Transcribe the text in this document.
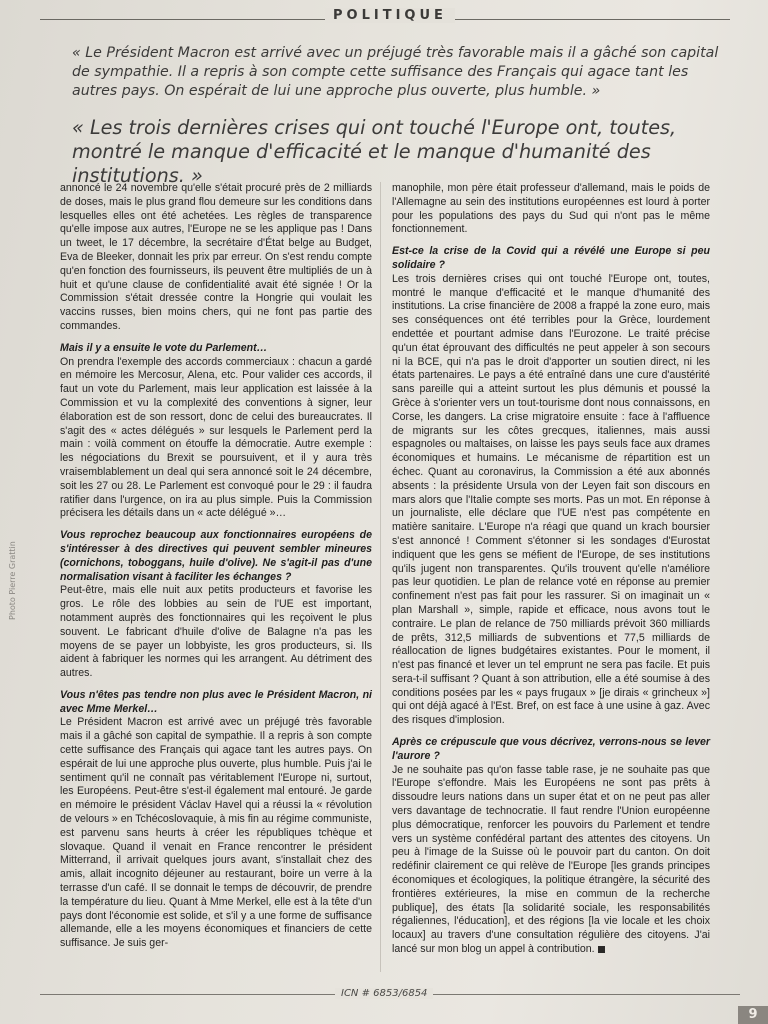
POLITIQUE

« Le Président Macron est arrivé avec un préjugé très favorable mais il a gâché son capital de sympathie. Il a repris à son compte cette suffisance des Français qui agace tant les autres pays. On espérait de lui une approche plus ouverte, plus humble. »

« Les trois dernières crises qui ont touché l'Europe ont, toutes, montré le manque d'efficacité et le manque d'humanité des institutions. »

annoncé le 24 novembre qu'elle s'était procuré près de 2 milliards de doses, mais le plus grand flou demeure sur les conditions dans lesquelles elles ont été achetées. Les règles de transparence qu'elle impose aux autres, l'Europe ne se les applique pas ! Dans un tweet, le 17 décembre, la secrétaire d'État belge au Budget, Eva de Bleeker, donnait les prix par erreur. On s'est rendu compte qu'en fonction des fournisseurs, ils peuvent être multipliés de un à huit et qu'une clause de confidentialité avait été signée ! Or la Commission s'était dressée contre la Hongrie qui voulait les vaccins russes, bien moins chers, qui ne font pas partie des commandes.

Mais il y a ensuite le vote du Parlement…

On prendra l'exemple des accords commerciaux : chacun a gardé en mémoire les Mercosur, Alena, etc. Pour valider ces accords, il faut un vote du Parlement, mais leur application est laissée à la Commission et vu la complexité des conventions à signer, leur élaboration est de son ressort, donc de celui des bureaucrates. Il s'agit des « actes délégués » sur lesquels le Parlement perd la main : voilà comment on étouffe la démocratie. Autre exemple : les négociations du Brexit se poursuivent, et il y aura très vraisemblablement un deal qui sera annoncé soit le 24 décembre, soit les 27 ou 28. Le Parlement est convoqué pour le 29 : il faudra ratifier dans l'urgence, on ira au plus simple. Puis la Commission précisera les détails dans un « acte délégué »…

Vous reprochez beaucoup aux fonctionnaires européens de s'intéresser à des directives qui peuvent sembler mineures (cornichons, toboggans, huile d'olive). Ne s'agit-il pas d'une normalisation visant à faciliter les échanges ?

Peut-être, mais elle nuit aux petits producteurs et favorise les gros. Le rôle des lobbies au sein de l'UE est important, notamment auprès des fonctionnaires qui les reçoivent le plus souvent. Le fabricant d'huile d'olive de Balagne n'a pas les moyens de se payer un lobbyiste, les gros producteurs, si. Ils aident à fabriquer les normes qui les arrangent. Au détriment des autres.

Vous n'êtes pas tendre non plus avec le Président Macron, ni avec Mme Merkel…

Le Président Macron est arrivé avec un préjugé très favorable mais il a gâché son capital de sympathie. Il a repris à son compte cette suffisance des Français qui agace tant les autres pays. On espérait de lui une approche plus ouverte, plus humble. Puis j'ai le sentiment qu'il ne connaît pas véritablement l'Europe ni, surtout, les Européens. Peut-être s'est-il également mal entouré. Je garde en mémoire le président Václav Havel qui a réussi la « révolution de velours » en Tchécoslovaquie, à mis fin au régime communiste, est parvenu sans heurts à créer les républiques tchèque et slovaque. Quand il venait en France rencontrer le président Mitterrand, il arrivait quelques jours avant, s'installait chez des amis, allait incognito déjeuner au restaurant, boire un verre à la terrasse d'un café. Il se donnait le temps de découvrir, de prendre la température du lieu. Quant à Mme Merkel, elle est à la tête d'un pays dont l'économie est solide, et s'il y a une forme de suffisance allemande, elle a les moyens économiques et financiers de cette suffisance. Je suis ger-

manophile, mon père était professeur d'allemand, mais le poids de l'Allemagne au sein des institutions européennes est lourd à porter pour les populations des pays du Sud qui n'ont pas le même fonctionnement.

Est-ce la crise de la Covid qui a révélé une Europe si peu solidaire ?

Les trois dernières crises qui ont touché l'Europe ont, toutes, montré le manque d'efficacité et le manque d'humanité des institutions. La crise financière de 2008 a frappé la zone euro, mais ses conséquences ont été terribles pour la Grèce, lourdement endettée et pourtant admise dans l'Eurozone. Le traité précise qu'un état éprouvant des difficultés ne peut appeler à son secours ni la BCE, qui n'a pas le droit d'apporter un soutien direct, ni les états partenaires. Le pays a été entraîné dans une cure d'austérité sans pareille qui a atteint surtout les plus démunis et poussé la Grèce à s'orienter vers un tout-tourisme dont nous connaissons, en Corse, les dangers. La crise migratoire ensuite : face à l'affluence de migrants sur les côtes grecques, italiennes, mais aussi espagnoles ou maltaises, on laisse les pays seuls face aux drames économiques et humains. Le mécanisme de répartition est un échec. Quant au coronavirus, la Commission a été aux abonnés absents : la présidente Ursula von der Leyen fait son discours en mars alors que l'Italie compte ses morts. Pas un mot. En réponse à un journaliste, elle déclare que l'UE n'est pas compétente en matière sanitaire. L'Europe n'a réagi que quand un krach boursier s'est annoncé ! Comment s'étonner si les sondages d'Eurostat indiquent que les gens se méfient de l'Europe, de ses institutions qu'ils jugent non transparentes. Qu'ils trouvent qu'elle n'améliore pas leur quotidien. Le plan de relance voté en réponse au premier confinement n'est pas fait pour les rassurer. Si on imaginait un « plan Marshall », simple, rapide et efficace, nous avons tout le contraire. Le plan de relance de 750 milliards prévoit 360 milliards de prêts, 312,5 milliards de subventions et 77,5 milliards de réallocation de lignes budgétaires existantes. Pour le moment, il n'est pas financé et lever un tel emprunt ne sera pas facile. Et puis sera-t-il suffisant ? Quant à son attribution, elle a été soumise à des conditions posées par les « pays frugaux » [je dirais « grincheux »] qui ont déjà agacé à l'Est. Bref, on est face à une usine à gaz. Avec des risques d'implosion.

Après ce crépuscule que vous décrivez, verrons-nous se lever l'aurore ?

Je ne souhaite pas qu'on fasse table rase, je ne souhaite pas que l'Europe s'effondre. Mais les Européens ne sont pas prêts à dissoudre leurs nations dans un super état et on ne peut pas aller vers davantage de technocratie. Il faut rendre l'Union européenne plus démocratique, renforcer les pouvoirs du Parlement et tendre vers un système confédéral partant des attentes des citoyens. Un peu à l'image de la Suisse où le pouvoir part du canton. On doit redéfinir clairement ce qui relève de l'Europe [les grands principes économiques et écologiques, la politique étrangère, la sécurité des frontières extérieures, la mise en commun de la recherche publique], des états [la solidarité sociale, les responsabilités régaliennes, l'éducation], et des régions [la vie locale et les choix locaux] au travers d'une consultation régulière des citoyens. J'ai lancé sur mon blog un appel à contribution.

Photo Pierre Grattin
ICN # 6853/6854
9
